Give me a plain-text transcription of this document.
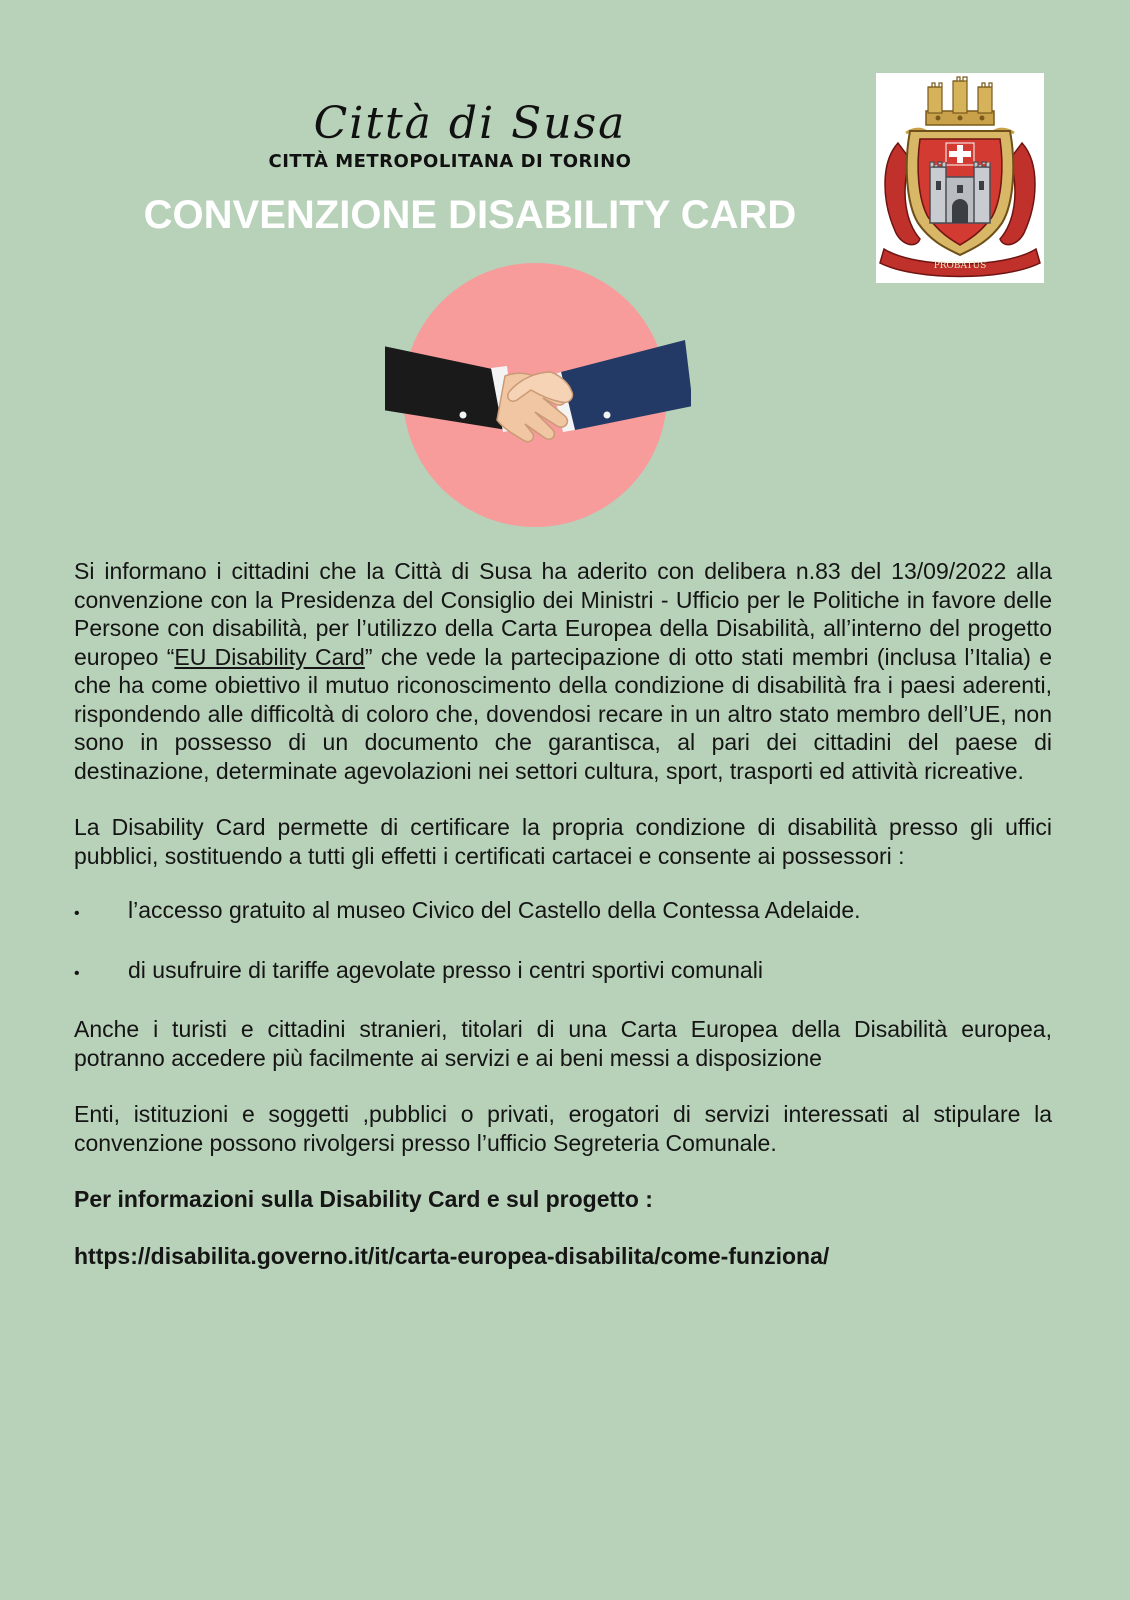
Città di Susa
CITTÀ METROPOLITANA DI TORINO
CONVENZIONE DISABILITY CARD
PROBATUS

Si informano i cittadini che la Città di Susa ha aderito con delibera n.83 del 13/09/2022 alla convenzione con la Presidenza del Consiglio dei Ministri - Ufficio per le Politiche in favore delle Persone con disabilità, per l’utilizzo della Carta Europea della Disabilità, all’interno del progetto europeo “EU Disability Card” che vede la partecipazione di otto stati membri (inclusa l’Italia) e che ha come obiettivo il mutuo riconoscimento della condizione di disabilità fra i paesi aderenti, rispondendo alle difficoltà di coloro che, dovendosi recare in un altro stato membro dell’UE, non sono in possesso di un documento che garantisca, al pari dei cittadini del paese di destinazione, determinate agevolazioni nei settori cultura, sport, trasporti ed attività ricreative.

La Disability Card permette di certificare la propria condizione di disabilità presso gli uffici pubblici, sostituendo a tutti gli effetti i certificati cartacei e consente ai possessori :

•	l’accesso gratuito al museo Civico del Castello della Contessa Adelaide.
•	di usufruire di tariffe agevolate presso i centri sportivi comunali

Anche i turisti e cittadini stranieri, titolari di una Carta Europea della Disabilità europea, potranno accedere più facilmente ai servizi e ai beni messi a disposizione

Enti, istituzioni e soggetti ,pubblici o privati, erogatori di servizi interessati al stipulare la convenzione possono rivolgersi presso l’ufficio Segreteria Comunale.

Per informazioni sulla Disability Card e sul progetto :

https://disabilita.governo.it/it/carta-europea-disabilita/come-funziona/
